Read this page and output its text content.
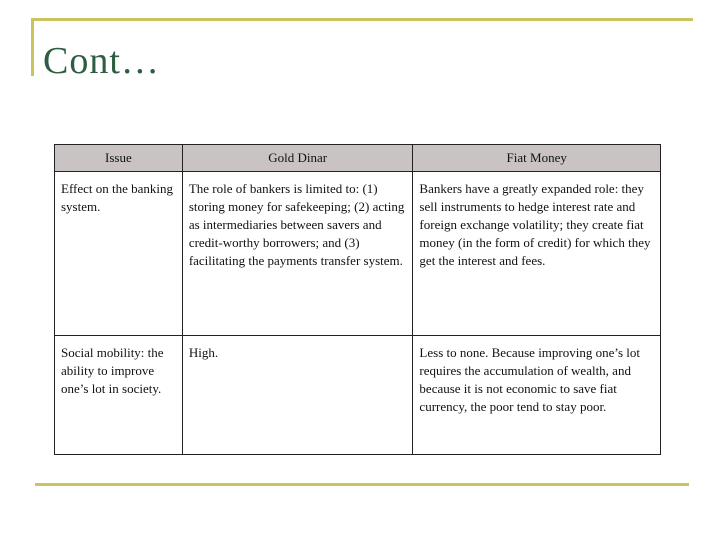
Cont…
Issue	Gold Dinar	Fiat Money
Effect on the banking system.	The role of bankers is limited to: (1) storing money for safekeeping; (2) acting as intermediaries between savers and credit-worthy borrowers; and (3) facilitating the payments transfer system.	Bankers have a greatly expanded role: they sell instruments to hedge interest rate and foreign exchange volatility; they create fiat money (in the form of credit) for which they get the interest and fees.
Social mobility: the ability to improve one’s lot in society.	High.	Less to none. Because improving one’s lot requires the accumulation of wealth, and because it is not economic to save fiat currency, the poor tend to stay poor.
